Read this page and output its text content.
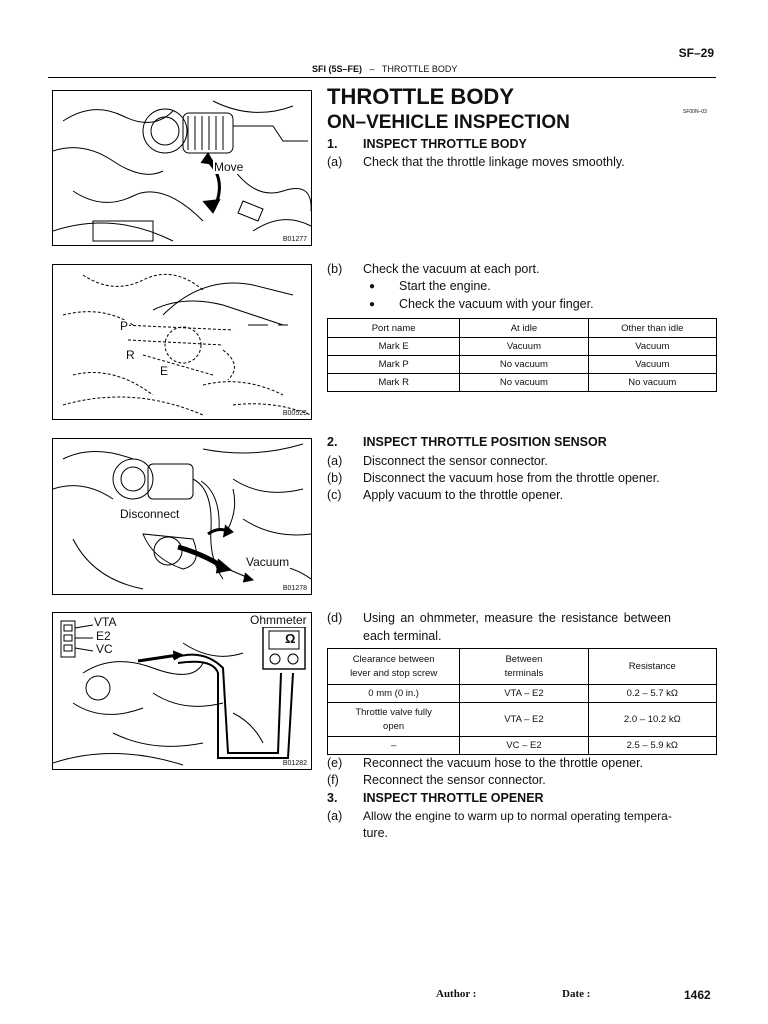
SF–29
SFI (5S–FE) – THROTTLE BODY
Move
B01277
P
R
E
B00525
Disconnect
Vacuum
B01278
Ω
VTA
E2
VC
Ohmmeter
B01282
THROTTLE BODY
ON–VEHICLE INSPECTION	SF00N–03
1. INSPECT THROTTLE BODY
(a) Check that the throttle linkage moves smoothly.
(b) Check the vacuum at each port.
● Start the engine.
● Check the vacuum with your finger.
Port name	At idle	Other than idle
Mark E	Vacuum	Vacuum
Mark P	No vacuum	Vacuum
Mark R	No vacuum	No vacuum
2. INSPECT THROTTLE POSITION SENSOR
(a) Disconnect the sensor connector.
(b) Disconnect the vacuum hose from the throttle opener.
(c) Apply vacuum to the throttle opener.
(d) Using an ohmmeter, measure the resistance between
each terminal.
Clearance between
lever and stop screw	Between
terminals	Resistance
0 mm (0 in.)	VTA – E2	0.2 – 5.7 kΩ
Throttle valve fully
open	VTA – E2	2.0 – 10.2 kΩ
–	VC – E2	2.5 – 5.9 kΩ
(e) Reconnect the vacuum hose to the throttle opener.
(f) Reconnect the sensor connector.
3. INSPECT THROTTLE OPENER
(a) Allow the engine to warm up to normal operating tempera-
ture.
Author :	Date :	1462
